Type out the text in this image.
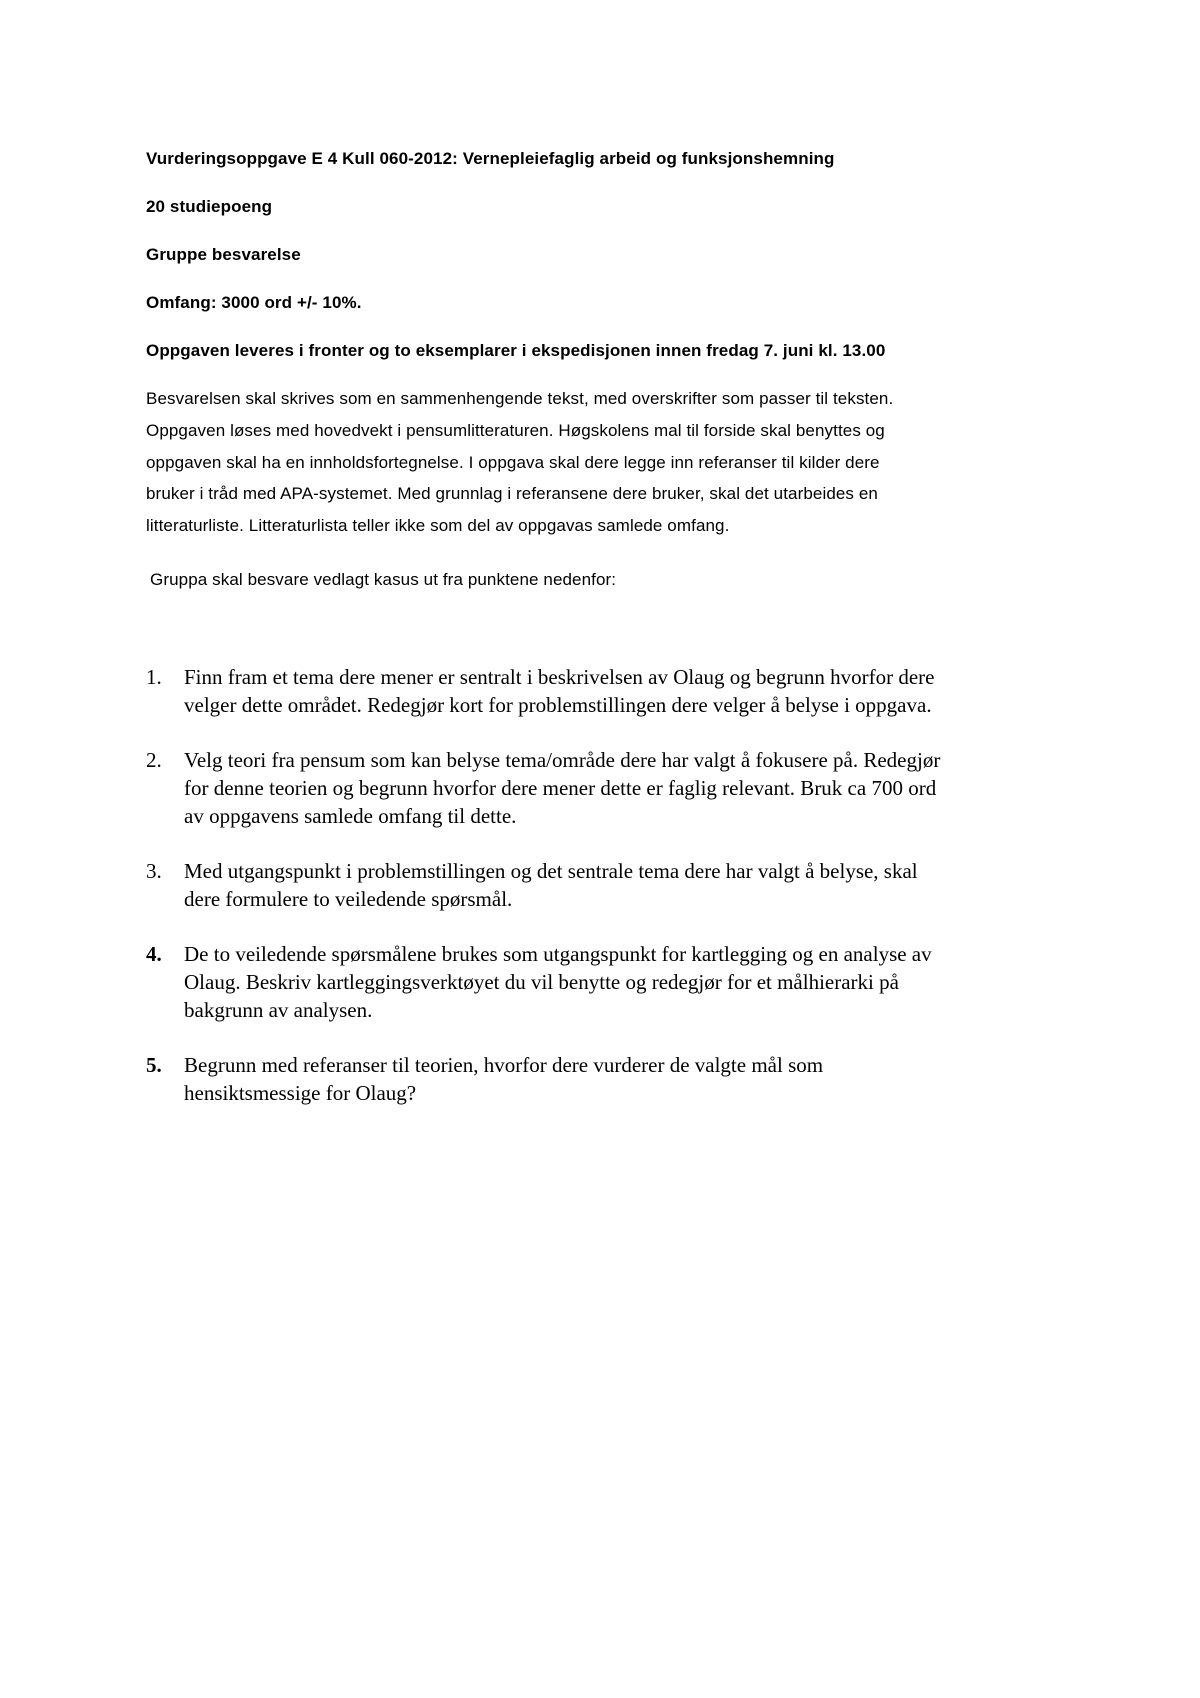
Vurderingsoppgave E 4 Kull 060-2012: Vernepleiefaglig arbeid og funksjonshemning
20 studiepoeng
Gruppe besvarelse
Omfang: 3000 ord +/- 10%.
Oppgaven leveres i fronter og to eksemplarer i ekspedisjonen innen fredag 7. juni kl. 13.00
Besvarelsen skal skrives som en sammenhengende tekst, med overskrifter som passer til teksten.
Oppgaven løses med hovedvekt i pensumlitteraturen. Høgskolens mal til forside skal benyttes og
oppgaven skal ha en innholdsfortegnelse. I oppgava skal dere legge inn referanser til kilder dere
bruker i tråd med APA-systemet. Med grunnlag i referansene dere bruker, skal det utarbeides en
litteraturliste. Litteraturlista teller ikke som del av oppgavas samlede omfang.
Gruppa skal besvare vedlagt kasus ut fra punktene nedenfor:
1. Finn fram et tema dere mener er sentralt i beskrivelsen av Olaug og begrunn hvorfor dere
velger dette området. Redegjør kort for problemstillingen dere velger å belyse i oppgava.
2. Velg teori fra pensum som kan belyse tema/område dere har valgt å fokusere på. Redegjør
for denne teorien og begrunn hvorfor dere mener dette er faglig relevant. Bruk ca 700 ord
av oppgavens samlede omfang til dette.
3. Med utgangspunkt i problemstillingen og det sentrale tema dere har valgt å belyse, skal
dere formulere to veiledende spørsmål.
4. De to veiledende spørsmålene brukes som utgangspunkt for kartlegging og en analyse av
Olaug. Beskriv kartleggingsverktøyet du vil benytte og redegjør for et målhierarki på
bakgrunn av analysen.
5. Begrunn med referanser til teorien, hvorfor dere vurderer de valgte mål som
hensiktsmessige for Olaug?
